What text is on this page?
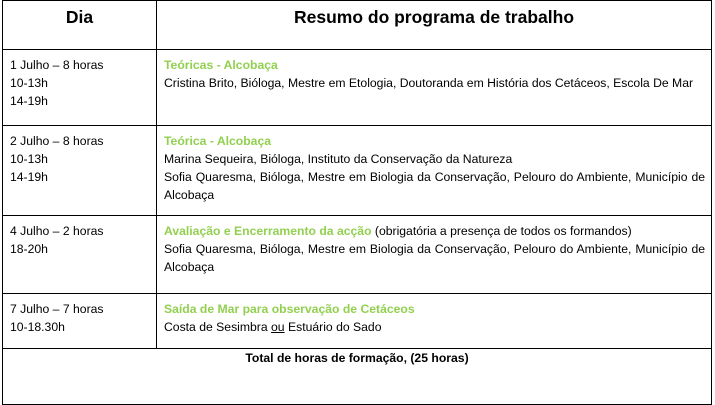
Dia	Resumo do programa de trabalho

1 Julho – 8 horas
10-13h
14-19h	Teóricas - Alcobaça
Cristina Brito, Bióloga, Mestre em Etologia, Doutoranda em História dos Cetáceos, Escola De Mar

2 Julho – 8 horas
10-13h
14-19h	Teórica - Alcobaça
Marina Sequeira, Bióloga, Instituto da Conservação da Natureza
Sofia Quaresma, Bióloga, Mestre em Biologia da Conservação, Pelouro do Ambiente, Município de Alcobaça

4 Julho – 2 horas
18-20h	Avaliação e Encerramento da acção (obrigatória a presença de todos os formandos)
Sofia Quaresma, Bióloga, Mestre em Biologia da Conservação, Pelouro do Ambiente, Município de Alcobaça

7 Julho – 7 horas
10-18.30h	Saída de Mar para observação de Cetáceos
Costa de Sesimbra ou Estuário do Sado

Total de horas de formação, (25 horas)	
